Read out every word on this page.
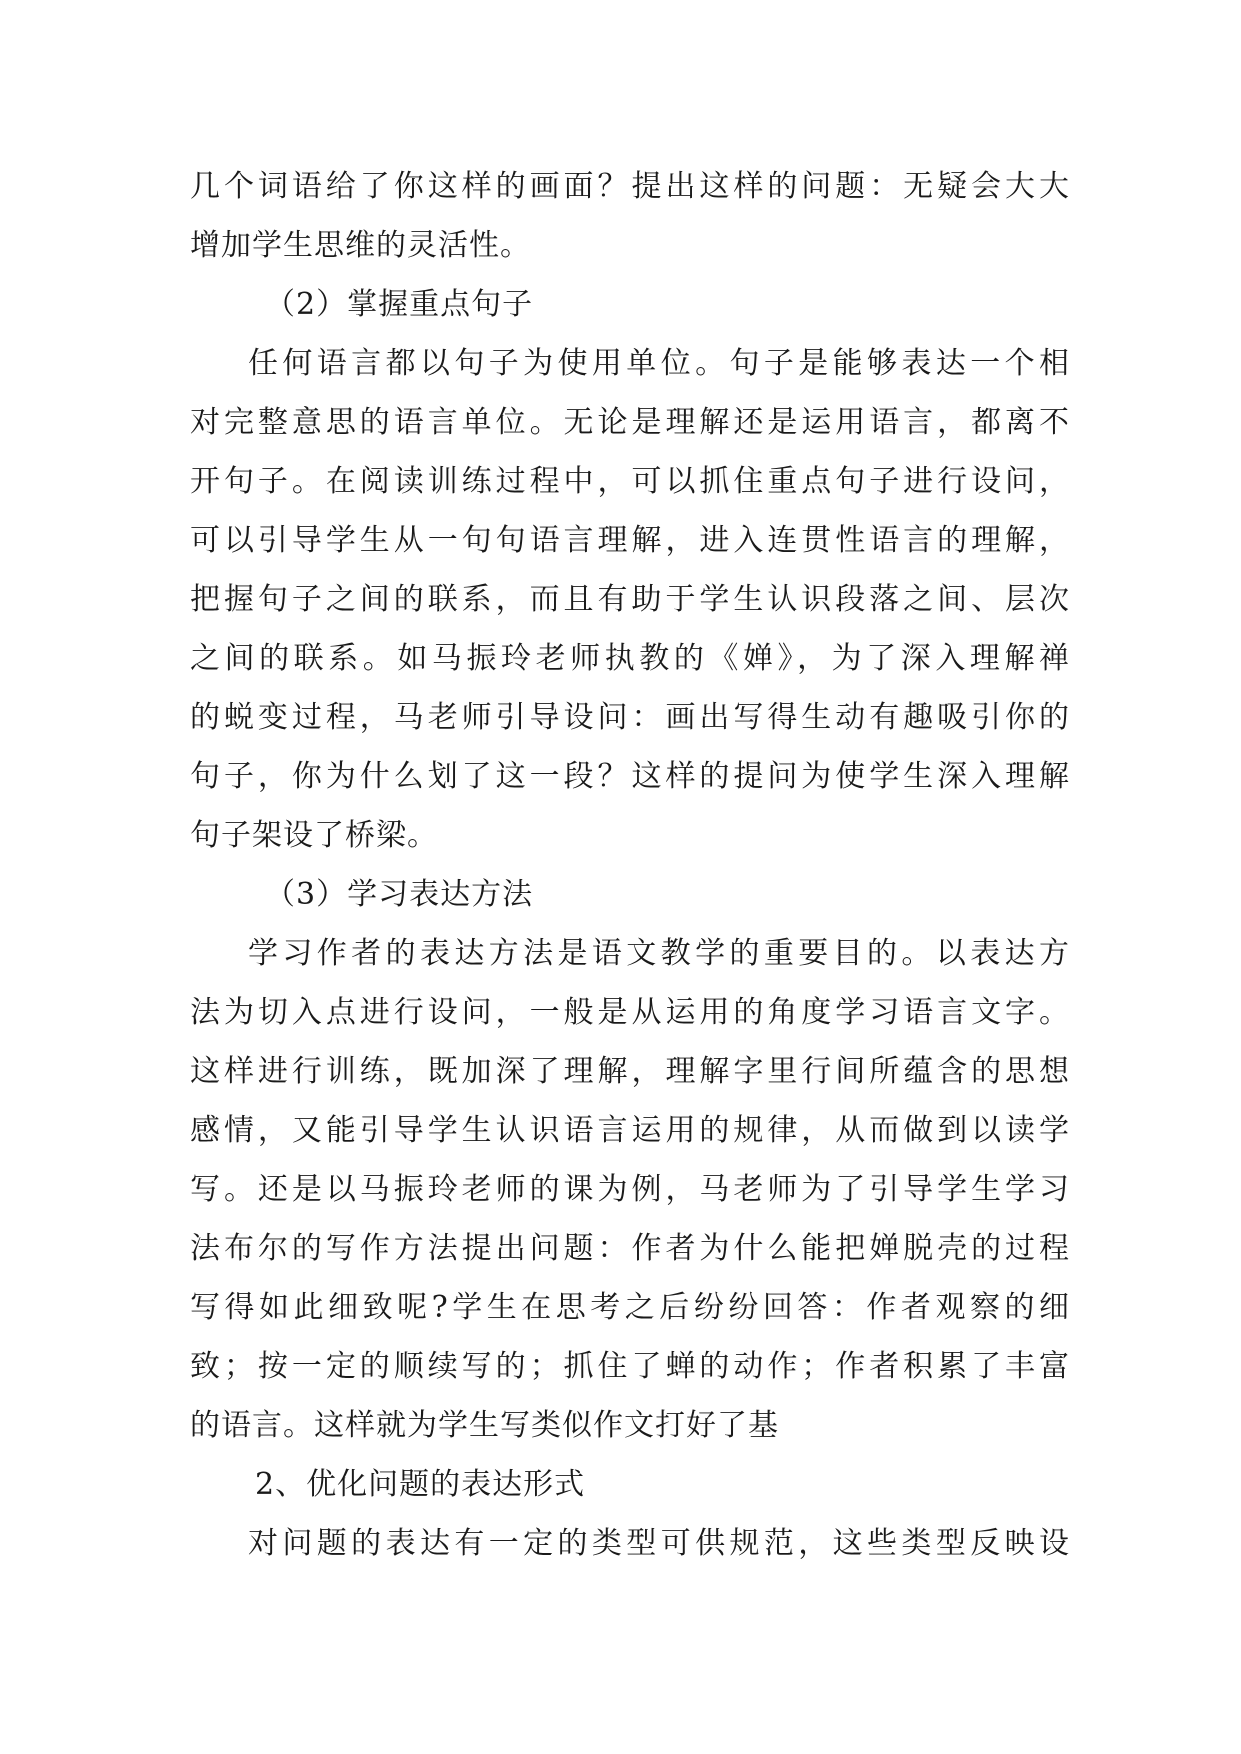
几个词语给了你这样的画面？提出这样的问题：无疑会大大
增加学生思维的灵活性。
（2）掌握重点句子
任何语言都以句子为使用单位。句子是能够表达一个相
对完整意思的语言单位。无论是理解还是运用语言，都离不
开句子。在阅读训练过程中，可以抓住重点句子进行设问，
可以引导学生从一句句语言理解，进入连贯性语言的理解，
把握句子之间的联系，而且有助于学生认识段落之间、层次
之间的联系。如马振玲老师执教的《婵》，为了深入理解禅
的蜕变过程，马老师引导设问：画出写得生动有趣吸引你的
句子，你为什么划了这一段？这样的提问为使学生深入理解
句子架设了桥梁。
（3）学习表达方法
学习作者的表达方法是语文教学的重要目的。以表达方
法为切入点进行设问，一般是从运用的角度学习语言文字。
这样进行训练，既加深了理解，理解字里行间所蕴含的思想
感情，又能引导学生认识语言运用的规律，从而做到以读学
写。还是以马振玲老师的课为例，马老师为了引导学生学习
法布尔的写作方法提出问题：作者为什么能把婵脱壳的过程
写得如此细致呢?学生在思考之后纷纷回答：作者观察的细
致；按一定的顺续写的；抓住了蝉的动作；作者积累了丰富
的语言。这样就为学生写类似作文打好了基
2、优化问题的表达形式
对问题的表达有一定的类型可供规范，这些类型反映设
